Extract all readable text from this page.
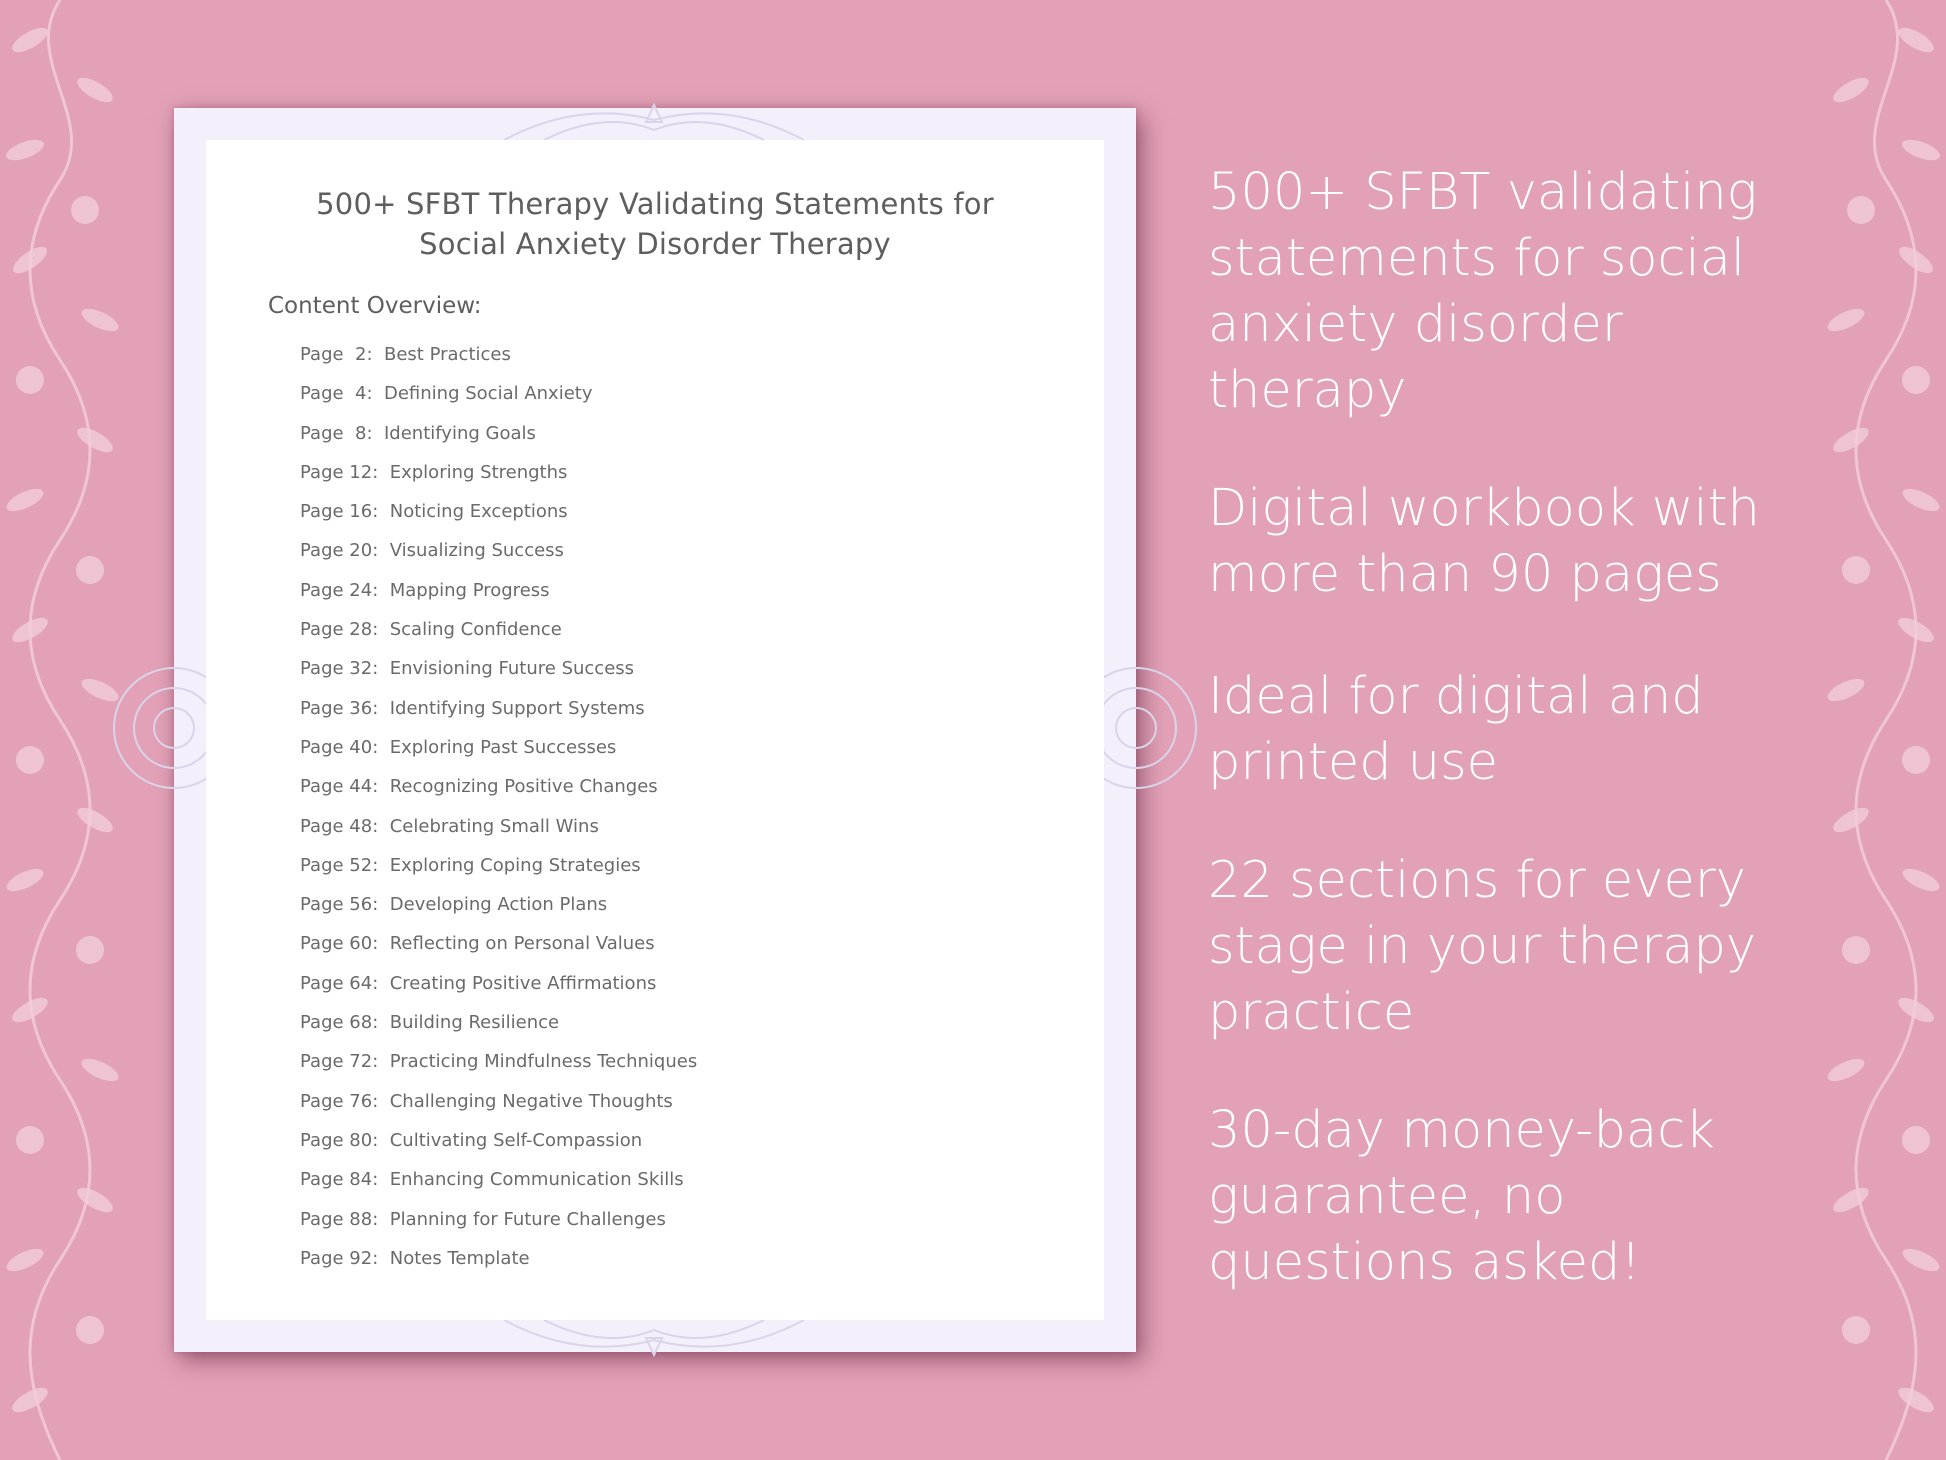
500+ SFBT Therapy Validating Statements for
Social Anxiety Disorder Therapy
Content Overview:
Page  2: Best Practices
Page  4: Defining Social Anxiety
Page  8: Identifying Goals
Page 12: Exploring Strengths
Page 16: Noticing Exceptions
Page 20: Visualizing Success
Page 24: Mapping Progress
Page 28: Scaling Confidence
Page 32: Envisioning Future Success
Page 36: Identifying Support Systems
Page 40: Exploring Past Successes
Page 44: Recognizing Positive Changes
Page 48: Celebrating Small Wins
Page 52: Exploring Coping Strategies
Page 56: Developing Action Plans
Page 60: Reflecting on Personal Values
Page 64: Creating Positive Affirmations
Page 68: Building Resilience
Page 72: Practicing Mindfulness Techniques
Page 76: Challenging Negative Thoughts
Page 80: Cultivating Self-Compassion
Page 84: Enhancing Communication Skills
Page 88: Planning for Future Challenges
Page 92: Notes Template
500+ SFBT validating
statements for social
anxiety disorder
therapy
Digital workbook with
more than 90 pages
Ideal for digital and
printed use
22 sections for every
stage in your therapy
practice
30-day money-back
guarantee, no
questions asked!
